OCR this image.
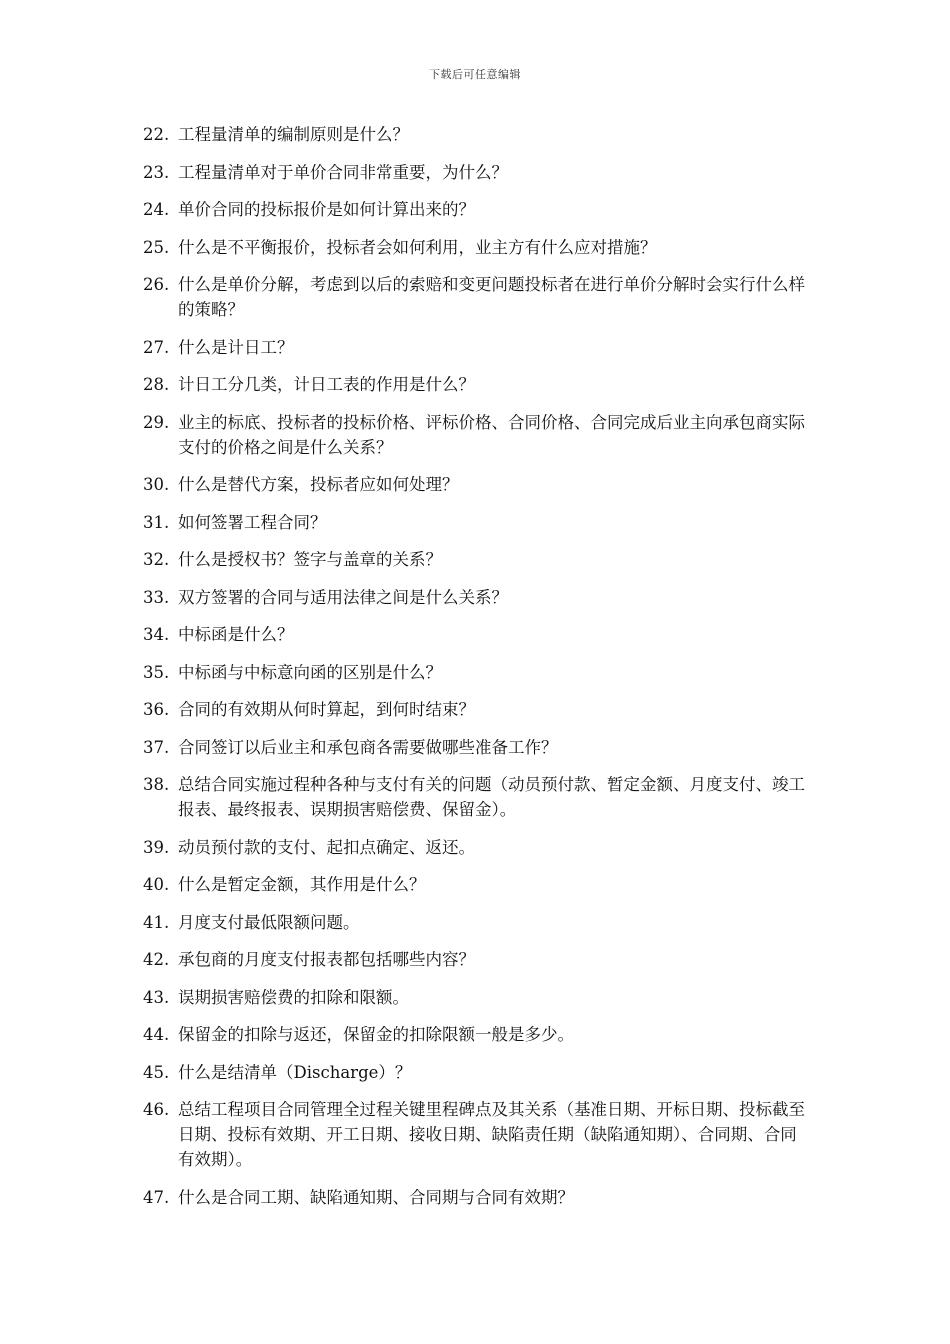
下载后可任意编辑
22. 工程量清单的编制原则是什么？
23. 工程量清单对于单价合同非常重要，为什么？
24. 单价合同的投标报价是如何计算出来的？
25. 什么是不平衡报价，投标者会如何利用，业主方有什么应对措施？
26. 什么是单价分解，考虑到以后的索赔和变更问题投标者在进行单价分解时会实行什么样的策略？
27. 什么是计日工？
28. 计日工分几类，计日工表的作用是什么？
29. 业主的标底、投标者的投标价格、评标价格、合同价格、合同完成后业主向承包商实际支付的价格之间是什么关系？
30. 什么是替代方案，投标者应如何处理？
31. 如何签署工程合同？
32. 什么是授权书？签字与盖章的关系？
33. 双方签署的合同与适用法律之间是什么关系？
34. 中标函是什么？
35. 中标函与中标意向函的区别是什么？
36. 合同的有效期从何时算起，到何时结束？
37. 合同签订以后业主和承包商各需要做哪些准备工作？
38. 总结合同实施过程种各种与支付有关的问题（动员预付款、暂定金额、月度支付、竣工报表、最终报表、误期损害赔偿费、保留金）。
39. 动员预付款的支付、起扣点确定、返还。
40. 什么是暂定金额，其作用是什么？
41. 月度支付最低限额问题。
42. 承包商的月度支付报表都包括哪些内容？
43. 误期损害赔偿费的扣除和限额。
44. 保留金的扣除与返还，保留金的扣除限额一般是多少。
45. 什么是结清单（Discharge）？
46. 总结工程项目合同管理全过程关键里程碑点及其关系（基准日期、开标日期、投标截至日期、投标有效期、开工日期、接收日期、缺陷责任期（缺陷通知期）、合同期、合同有效期）。
47. 什么是合同工期、缺陷通知期、合同期与合同有效期？
